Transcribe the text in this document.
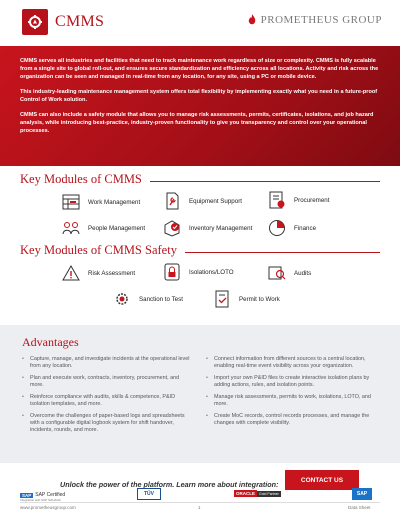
CMMS	PROMETHEUS GROUP

CMMS serves all industries and facilities that need to track maintenance work regardless of size or complexity. CMMS is fully scalable from a single site to global roll-out, and ensures secure standardization and efficiency across all locations. Activity and risk across the organization can be seen and managed in real-time from any location, for any site, using a PC or mobile device.

This industry-leading maintenance management system offers total flexibility by implementing exactly what you need in a future-proof Control of Work solution.

CMMS can also include a safety module that allows you to manage risk assessments, permits, certificates, isolations, and job hazard analysis, while introducing best-practice, industry-proven functionality to give you transparency and control over your operational processes.

Key Modules of CMMS
Work Management	Equipment Support	Procurement
People Management	Inventory Management	Finance
Key Modules of CMMS Safety
Risk Assessment	Isolations/LOTO	Audits
Sanction to Test	Permit to Work
Advantages
• Capture, manage, and investigate incidents at the operational level from any location.
• Plan and execute work, contracts, inventory, procurement, and more.
• Reinforce compliance with audits, skills & competence, P&ID isolation templates, and more.
• Overcome the challenges of paper-based logs and spreadsheets with a configurable digital logbook system for shift handover, incidents, rounds, and more.
• Connect information from different sources to a central location, enabling real-time event visibility across your organization.
• Import your own P&ID files to create interactive isolation plans by adding actions, rules, and isolation points.
• Manage risk assessments, permits to work, isolations, LOTO, and more.
• Create MoC records, control records processes, and manage the changes with complete visibility.
Unlock the power of the platform. Learn more about integration:	CONTACT US
SAP SAP Certified
Integration with SAP S/4HANA
TÜV	ORACLE	Gold Partner	SAP
www.prometheusgroup.com	1	Data Sheet
